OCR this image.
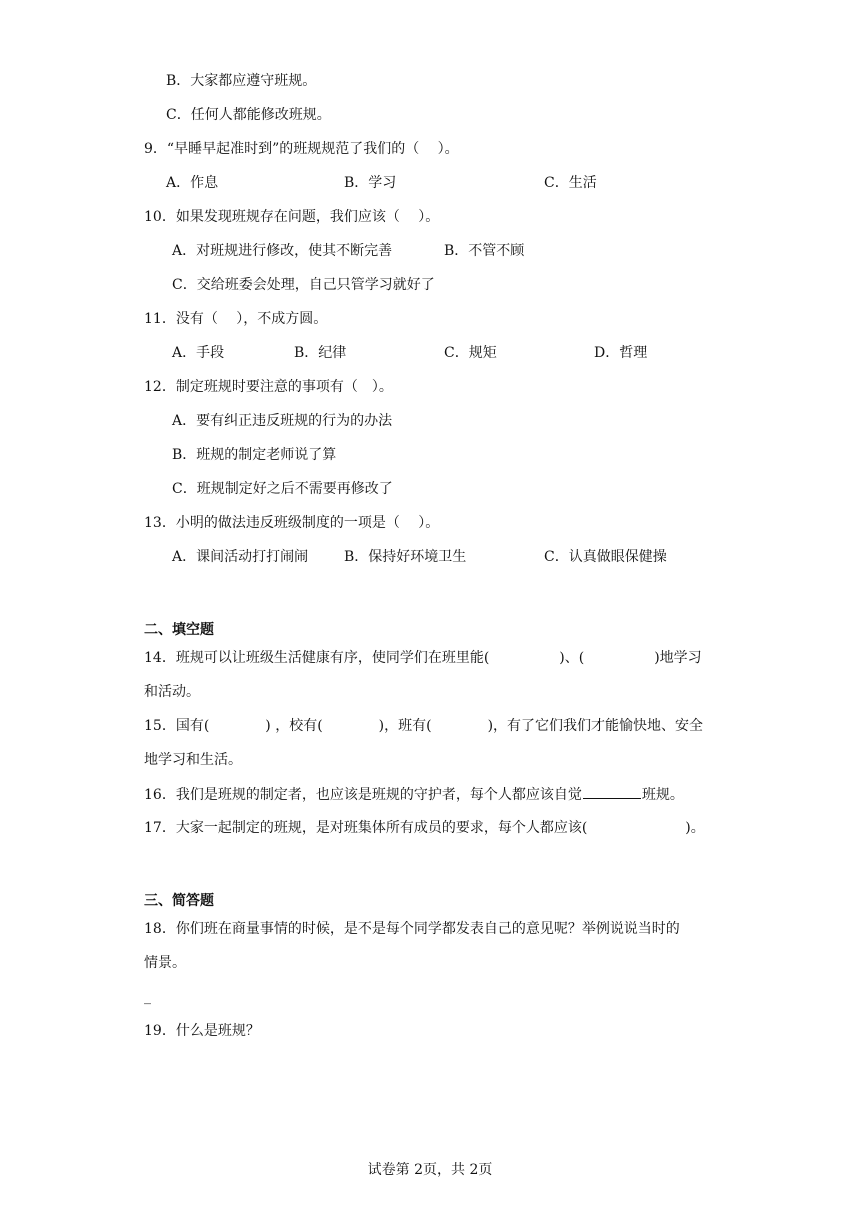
B．大家都应遵守班规。
C．任何人都能修改班规。
9．“早睡早起准时到”的班规规范了我们的（　 ）。
A．作息	B．学习	C．生活
10．如果发现班规存在问题，我们应该（　 ）。
A．对班规进行修改，使其不断完善	B．不管不顾
C．交给班委会处理，自己只管学习就好了
11．没有（　 ），不成方圆。
A．手段	B．纪律	C．规矩	D．哲理
12．制定班规时要注意的事项有（　）。
A．要有纠正违反班规的行为的办法
B．班规的制定老师说了算
C．班规制定好之后不需要再修改了
13．小明的做法违反班级制度的一项是（　 ）。
A．课间活动打打闹闹	B．保持好环境卫生	C．认真做眼保健操
二、填空题
14．班规可以让班级生活健康有序，使同学们在班里能(　　　　　)、(　　　　　)地学习
和活动。
15．国有(　　　　) ，校有(　　　　)，班有(　　　　)，有了它们我们才能愉快地、安全
地学习和生活。
16．我们是班规的制定者，也应该是班规的守护者，每个人都应该自觉	班规。
17．大家一起制定的班规，是对班集体所有成员的要求，每个人都应该(　　　　　　　)。
三、简答题
18．你们班在商量事情的时候，是不是每个同学都发表自己的意见呢？举例说说当时的
情景。
_
19．什么是班规？
试卷第 2页，共 2页
